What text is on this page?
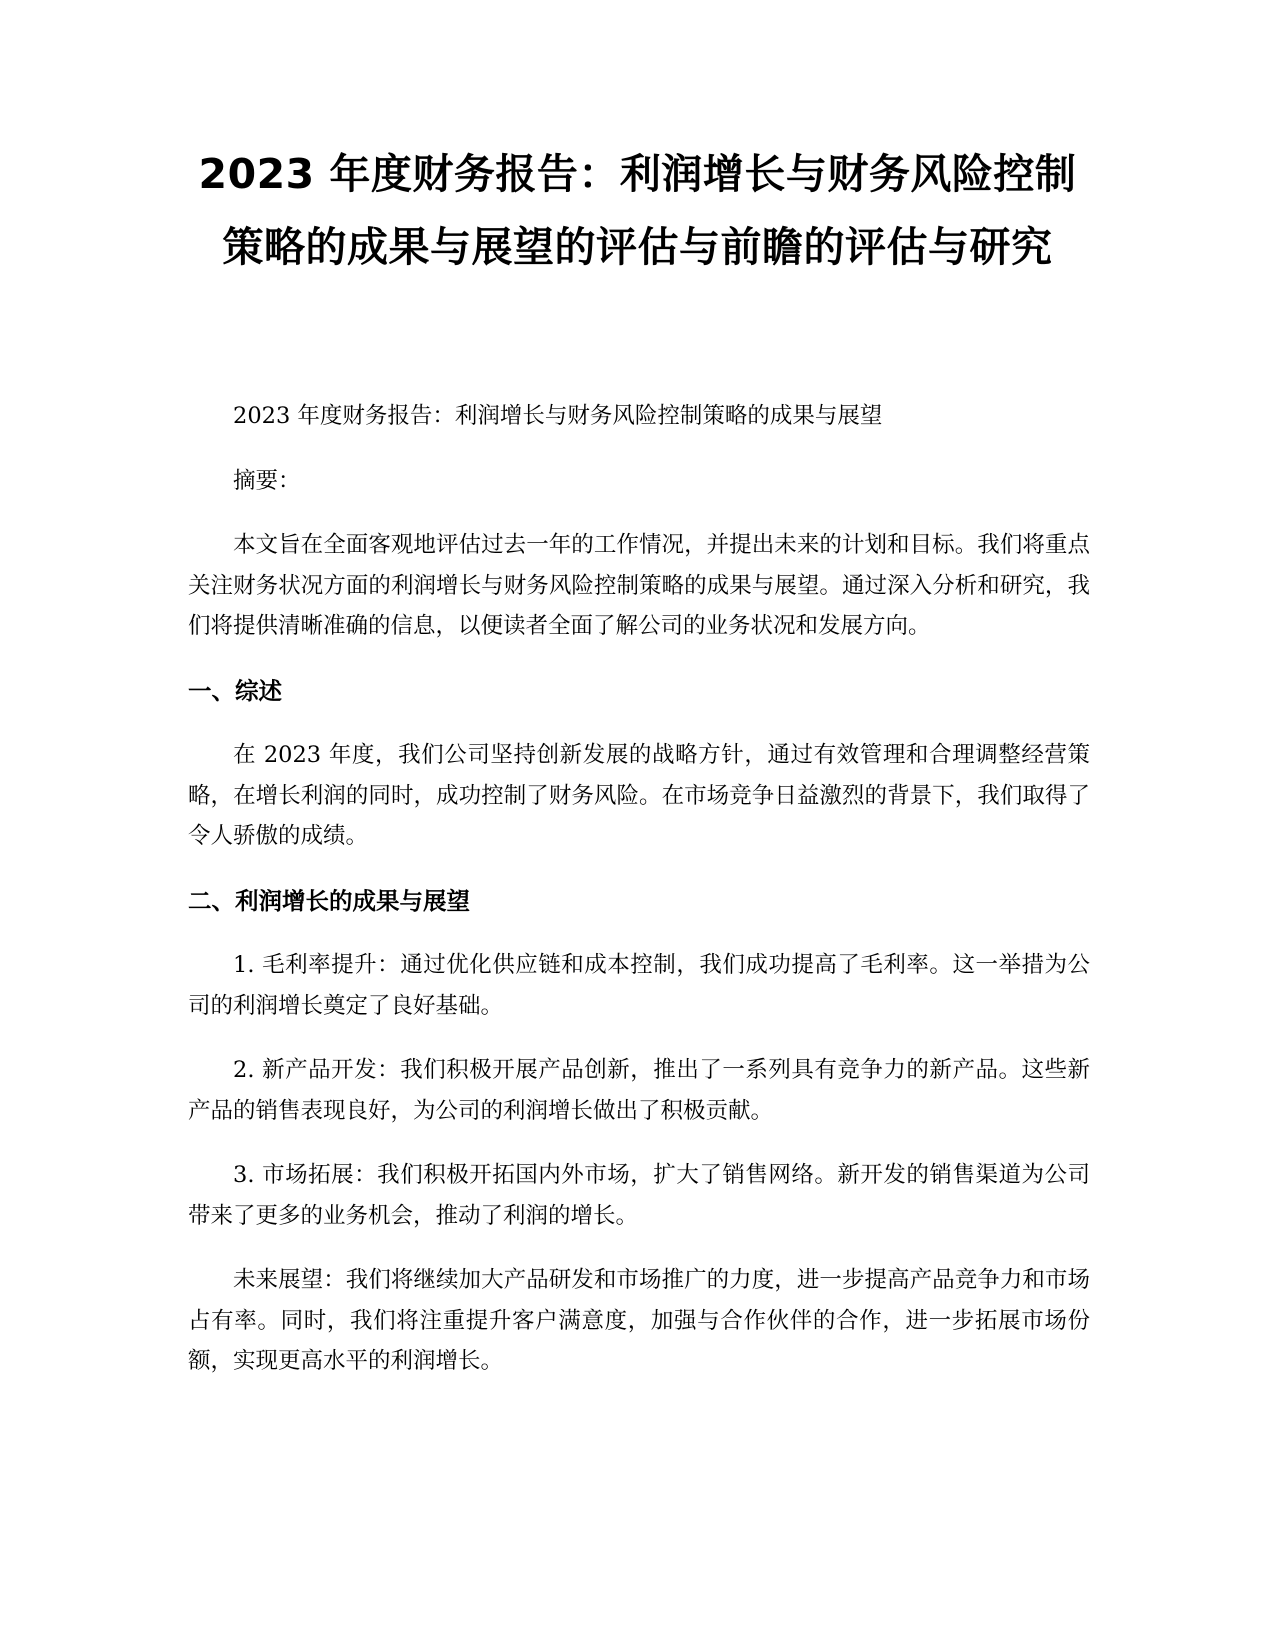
2023 年度财务报告：利润增长与财务风险控制策略的成果与展望的评估与前瞻的评估与研究

2023 年度财务报告：利润增长与财务风险控制策略的成果与展望

摘要：

本文旨在全面客观地评估过去一年的工作情况，并提出未来的计划和目标。我们将重点关注财务状况方面的利润增长与财务风险控制策略的成果与展望。通过深入分析和研究，我们将提供清晰准确的信息，以便读者全面了解公司的业务状况和发展方向。

一、综述

在 2023 年度，我们公司坚持创新发展的战略方针，通过有效管理和合理调整经营策略，在增长利润的同时，成功控制了财务风险。在市场竞争日益激烈的背景下，我们取得了令人骄傲的成绩。

二、利润增长的成果与展望

1. 毛利率提升：通过优化供应链和成本控制，我们成功提高了毛利率。这一举措为公司的利润增长奠定了良好基础。

2. 新产品开发：我们积极开展产品创新，推出了一系列具有竞争力的新产品。这些新产品的销售表现良好，为公司的利润增长做出了积极贡献。

3. 市场拓展：我们积极开拓国内外市场，扩大了销售网络。新开发的销售渠道为公司带来了更多的业务机会，推动了利润的增长。

未来展望：我们将继续加大产品研发和市场推广的力度，进一步提高产品竞争力和市场占有率。同时，我们将注重提升客户满意度，加强与合作伙伴的合作，进一步拓展市场份额，实现更高水平的利润增长。
